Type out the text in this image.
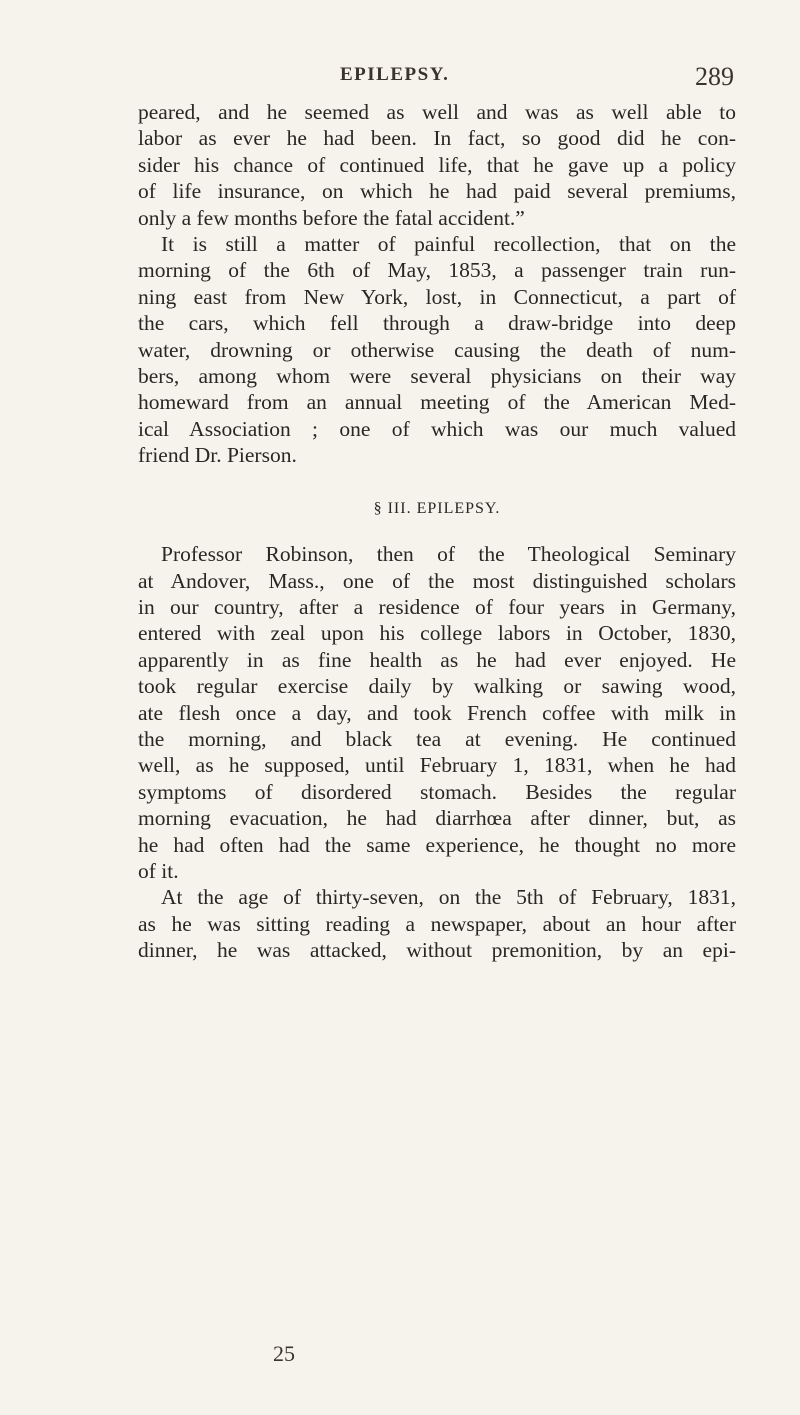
EPILEPSY.	289

peared, and he seemed as well and was as well able to

labor as ever he had been. In fact, so good did he con-

sider his chance of continued life, that he gave up a policy

of life insurance, on which he had paid several premiums,

only a few months before the fatal accident.”

It is still a matter of painful recollection, that on the

morning of the 6th of May, 1853, a passenger train run-

ning east from New York, lost, in Connecticut, a part of

the cars, which fell through a draw-bridge into deep

water, drowning or otherwise causing the death of num-

bers, among whom were several physicians on their way

homeward from an annual meeting of the American Med-

ical Association ; one of which was our much valued

friend Dr. Pierson.

§ III. EPILEPSY.

Professor Robinson, then of the Theological Seminary

at Andover, Mass., one of the most distinguished scholars

in our country, after a residence of four years in Germany,

entered with zeal upon his college labors in October, 1830,

apparently in as fine health as he had ever enjoyed. He

took regular exercise daily by walking or sawing wood,

ate flesh once a day, and took French coffee with milk in

the morning, and black tea at evening. He continued

well, as he supposed, until February 1, 1831, when he had

symptoms of disordered stomach. Besides the regular

morning evacuation, he had diarrhœa after dinner, but, as

he had often had the same experience, he thought no more

of it.

At the age of thirty-seven, on the 5th of February, 1831,

as he was sitting reading a newspaper, about an hour after

dinner, he was attacked, without premonition, by an epi-

25
